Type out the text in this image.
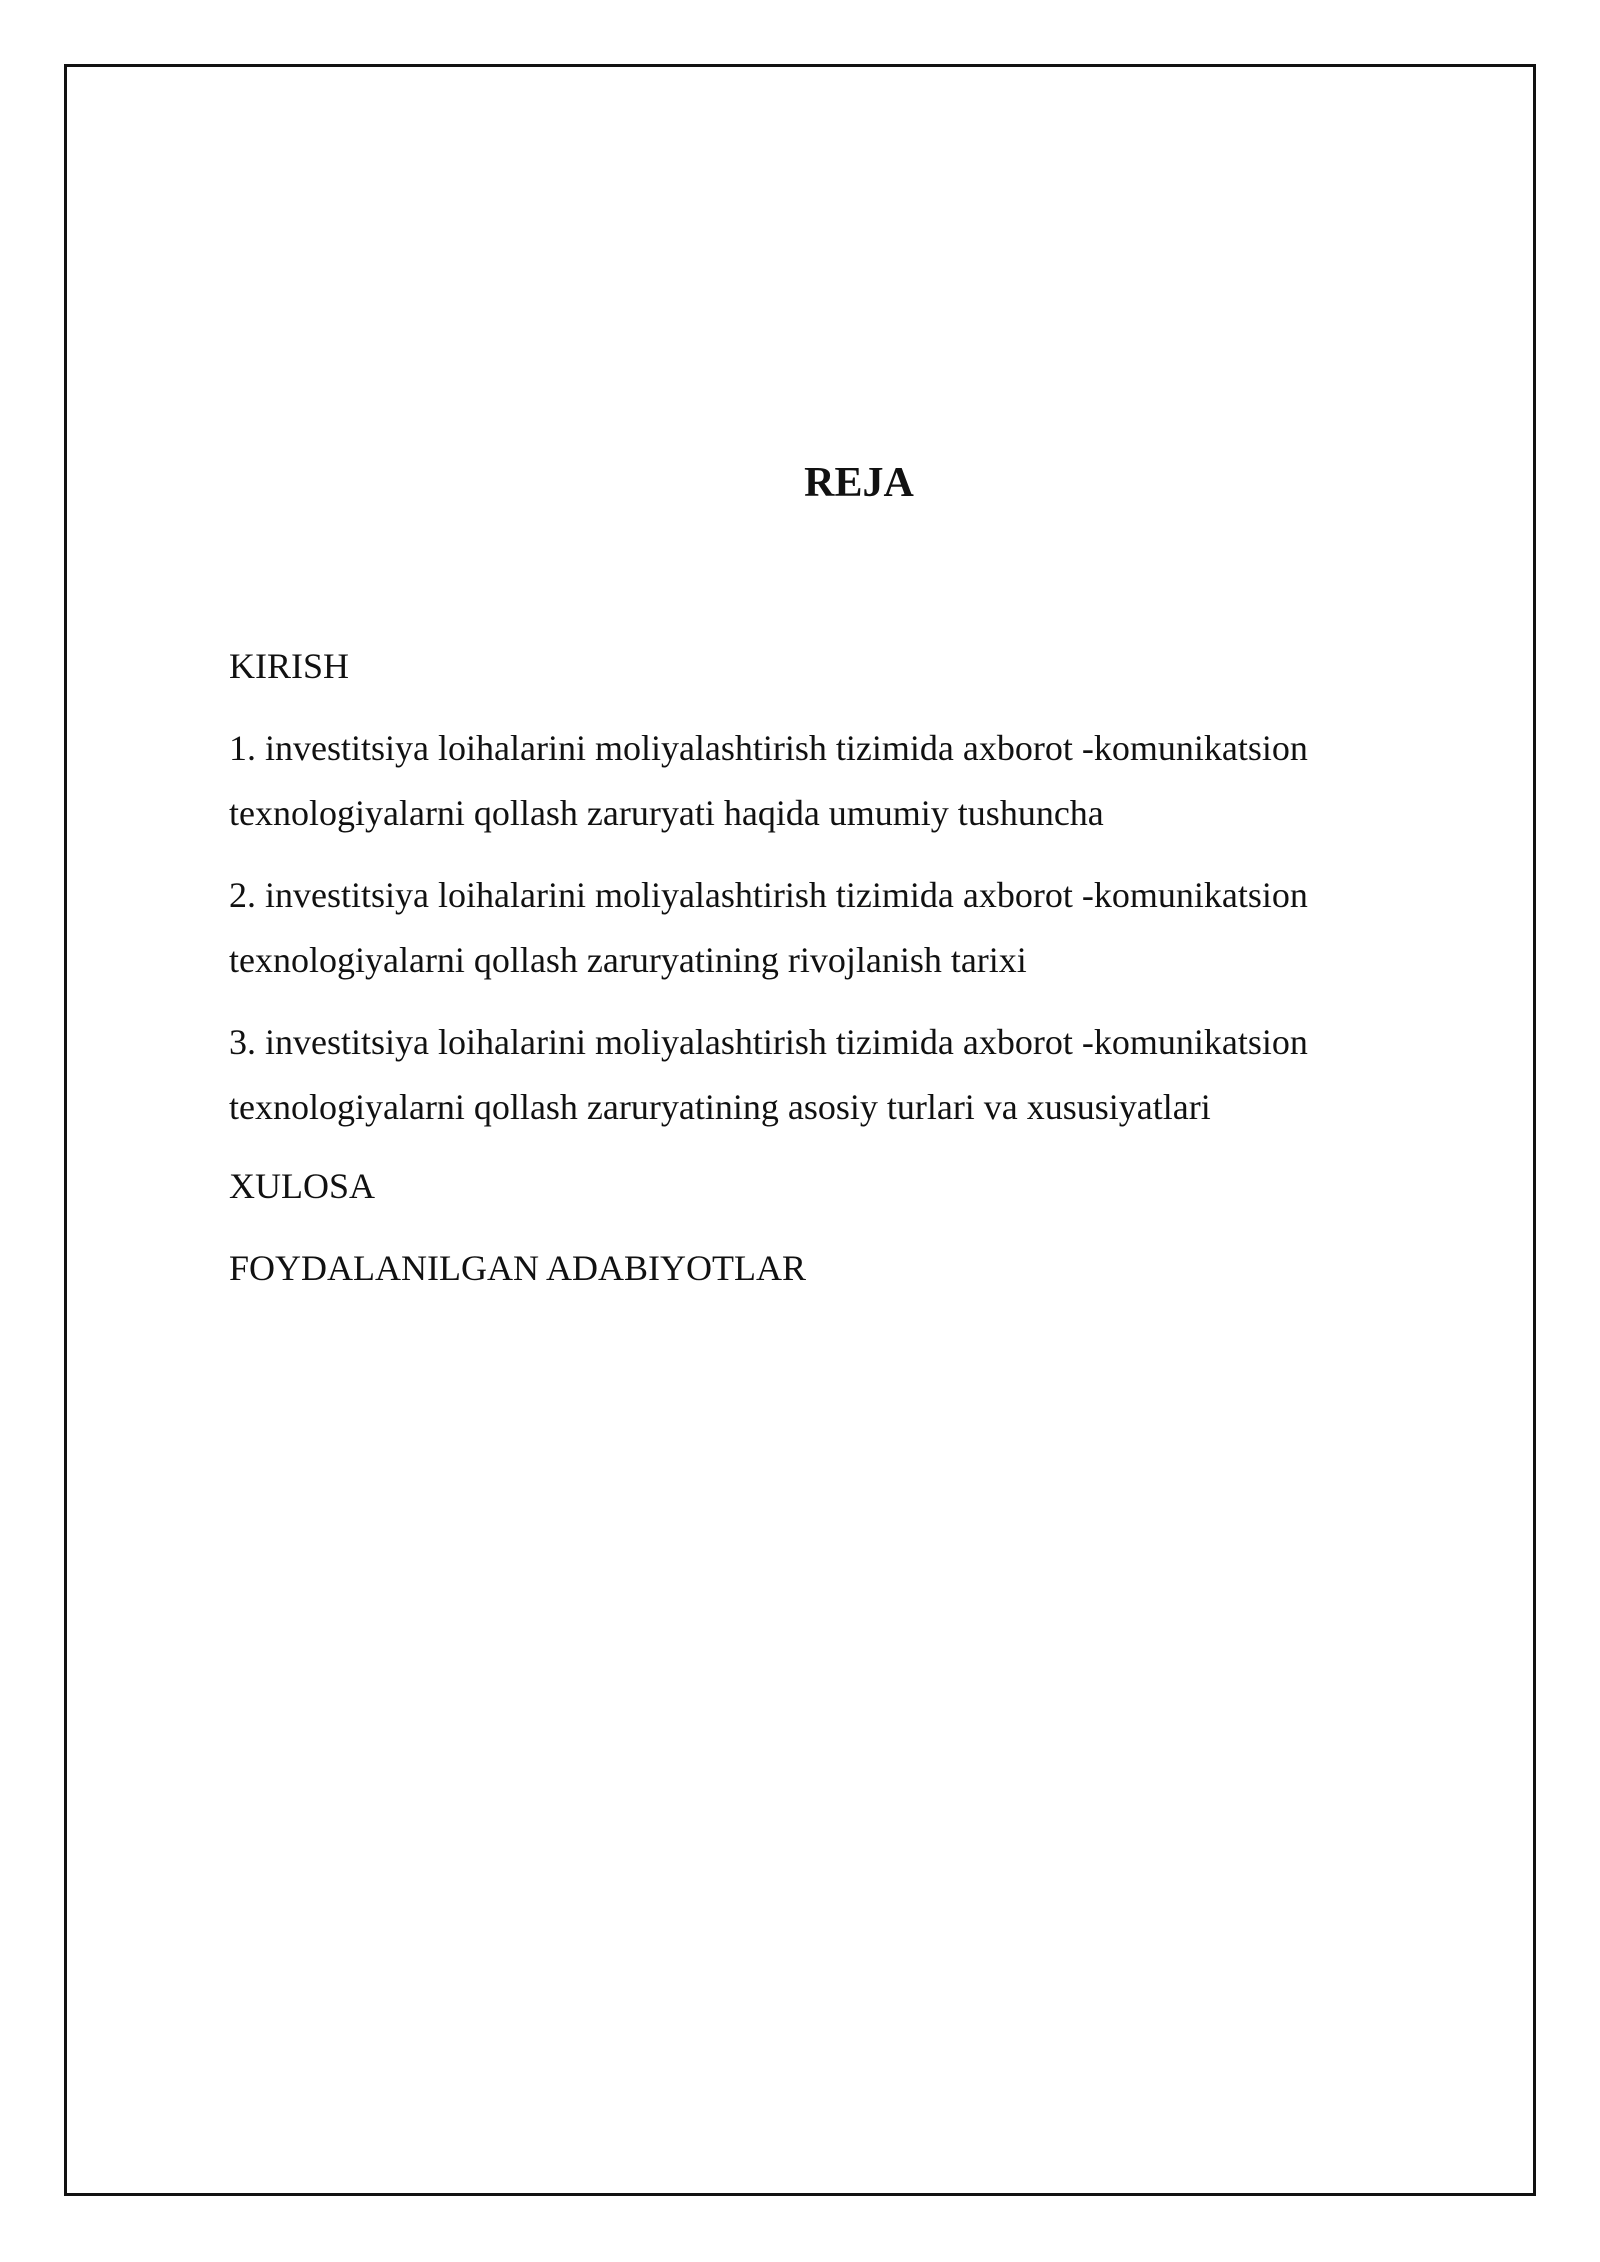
REJA

KIRISH

1. investitsiya loihalarini moliyalashtirish tizimida axborot -komunikatsion
texnologiyalarni qollash zaruryati haqida umumiy tushuncha

2. investitsiya loihalarini moliyalashtirish tizimida axborot -komunikatsion
texnologiyalarni qollash zaruryatining rivojlanish tarixi

3. investitsiya loihalarini moliyalashtirish tizimida axborot -komunikatsion
texnologiyalarni qollash zaruryatining asosiy turlari va xususiyatlari

XULOSA

FOYDALANILGAN ADABIYOTLAR
